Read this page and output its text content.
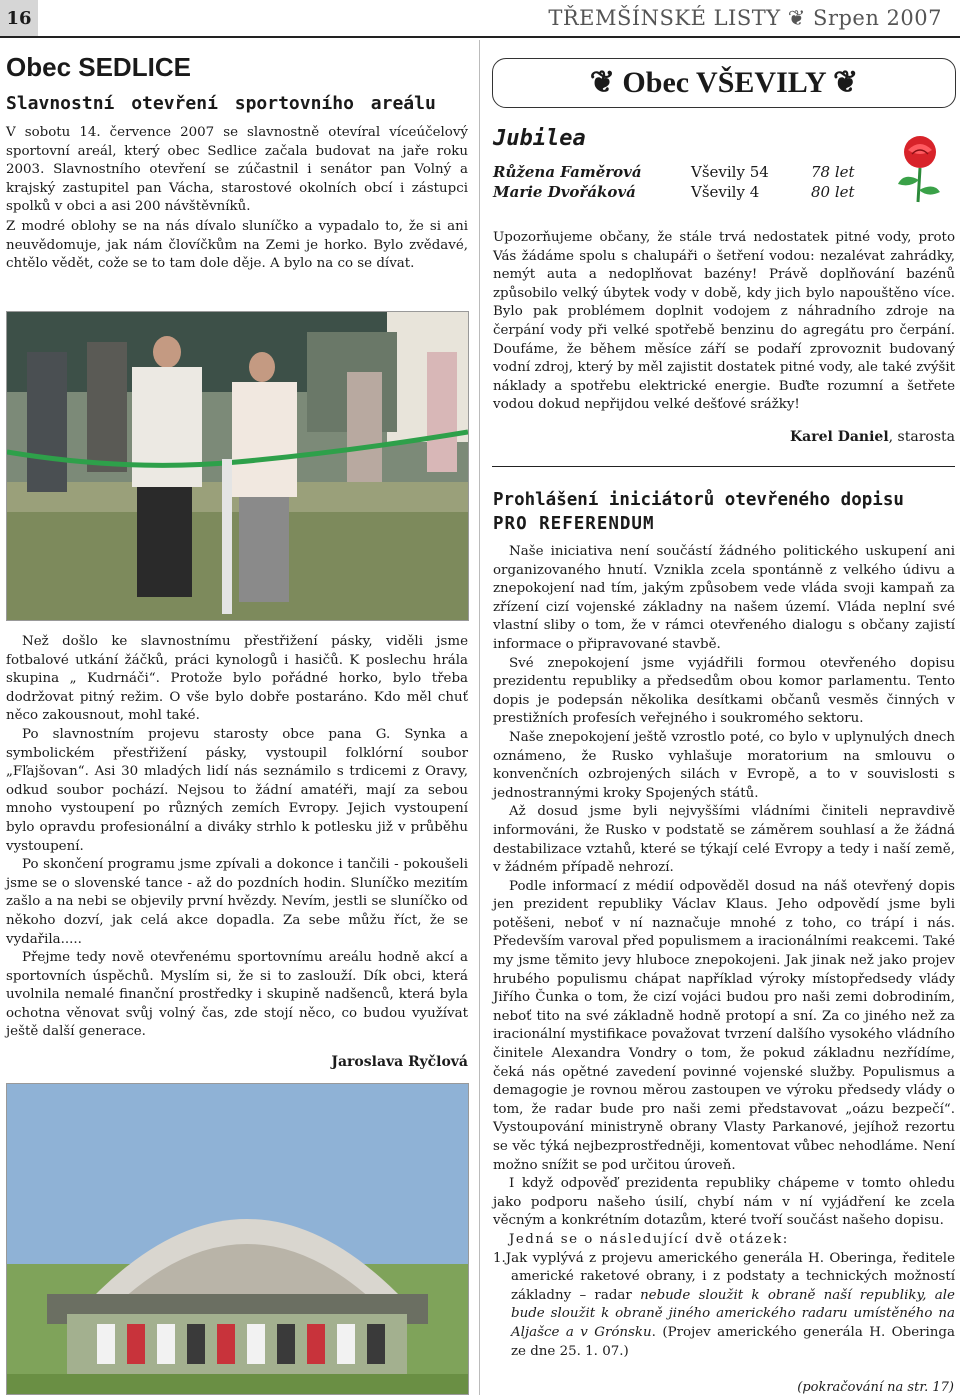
16	TŘEMŠÍNSKÉ LISTY ❦ Srpen 2007
Obec SEDLICE
Slavnostní otevření sportovního areálu

V sobotu 14. července 2007 se slavnostně otevíral víceúčelový sportovní areál, který obec Sedlice začala budovat na jaře roku 2003. Slavnostního otevření se zúčastnil i senátor pan Volný a krajský zastupitel pan Vácha, starostové okolních obcí i zástupci spolků v obci a asi 200 návštěvníků.

Z modré oblohy se na nás dívalo sluníčko a vypadalo to, že si ani neuvědomuje, jak nám človíčkům na Zemi je horko. Bylo zvědavé, chtělo vědět, cože se to tam dole děje. A bylo na co se dívat.

Než došlo ke slavnostnímu přestřižení pásky, viděli jsme fotbalové utkání žáčků, práci kynologů i hasičů. K poslechu hrála skupina „ Kudrnáči“. Protože bylo pořádné horko, bylo třeba dodržovat pitný režim. O vše bylo dobře postaráno. Kdo měl chuť něco zakousnout, mohl také.

Po slavnostním projevu starosty obce pana G. Synka a symbolickém přestřižení pásky, vystoupil folklórní soubor „Fľajšovan“. Asi 30 mladých lidí nás seznámilo s trdicemi z Oravy, odkud soubor pochází. Nejsou to žádní amatéři, mají za sebou mnoho vystoupení po různých zemích Evropy. Jejich vystoupení bylo opravdu profesionální a diváky strhlo k potlesku již v průběhu vystoupení.

Po skončení programu jsme zpívali a dokonce i tančili - pokoušeli jsme se o slovenské tance - až do pozdních hodin. Sluníčko mezitím zašlo a na nebi se objevily první hvězdy. Nevím, jestli se sluníčko od někoho dozví, jak celá akce dopadla. Za sebe můžu říct, že se vydařila.....

Přejme tedy nově otevřenému sportovnímu areálu hodně akcí a sportovních úspěchů. Myslím si, že si to zaslouží. Dík obci, která uvolnila nemalé finanční prostředky i skupině nadšenců, která byla ochotna věnovat svůj volný čas, zde stojí něco, co budou využívat ještě další generace.

Jaroslava Ryčlová
❦ Obec VŠEVILY ❦
Jubilea
Růžena Faměrová	Vševily 54	78 let
Marie Dvořáková	Vševily 4	80 let

Upozorňujeme občany, že stále trvá nedostatek pitné vody, proto Vás žádáme spolu s chalupáři o šetření vodou: nezalévat zahrádky, nemýt auta a nedoplňovat bazény! Právě doplňování bazénů způsobilo velký úbytek vody v době, kdy jich bylo napouštěno více. Bylo pak problémem doplnit vodojem z náhradního zdroje na čerpání vody při velké spotřebě benzinu do agregátu pro čerpání. Doufáme, že během měsíce září se podaří zprovoznit budovaný vodní zdroj, který by měl zajistit dostatek pitné vody, ale také zvýšit náklady a spotřebu elektrické energie. Buďte rozumní a šetřete vodou dokud nepřijdou velké dešťové srážky!

Karel Daniel, starosta
Prohlášení iniciátorů otevřeného dopisu
PRO REFERENDUM

Naše iniciativa není součástí žádného politického uskupení ani organizovaného hnutí. Vznikla zcela spontánně z velkého údivu a znepokojení nad tím, jakým způsobem vede vláda svoji kampaň za zřízení cizí vojenské základny na našem území. Vláda neplní své vlastní sliby o tom, že v rámci otevřeného dialogu s občany zajistí informace o připravované stavbě.

Své znepokojení jsme vyjádřili formou otevřeného dopisu prezidentu republiky a předsedům obou komor parlamentu. Tento dopis je podepsán několika desítkami občanů vesměs činných v prestižních profesích veřejného i soukromého sektoru.

Naše znepokojení ještě vzrostlo poté, co bylo v uplynulých dnech oznámeno, že Rusko vyhlašuje moratorium na smlouvu o konvenčních ozbrojených silách v Evropě, a to v souvislosti s jednostrannými kroky Spojených států.

Až dosud jsme byli nejvyššími vládními činiteli nepravdivě informováni, že Rusko v podstatě se záměrem souhlasí a že žádná destabilizace vztahů, které se týkají celé Evropy a tedy i naší země, v žádném případě nehrozí.

Podle informací z médií odpověděl dosud na náš otevřený dopis jen prezident republiky Václav Klaus. Jeho odpovědí jsme byli potěšeni, neboť v ní naznačuje mnohé z toho, co trápí i nás. Především varoval před populismem a iracionálními reakcemi. Také my jsme těmito jevy hluboce znepokojeni. Jak jinak než jako projev hrubého populismu chápat například výroky místopředsedy vlády Jiřího Čunka o tom, že cizí vojáci budou pro naši zemi dobrodiním, neboť tito na své základně hodně protopí a sní. Za co jiného než za iracionální mystifikace považovat tvrzení dalšího vysokého vládního činitele Alexandra Vondry o tom, že pokud základnu nezřídíme, čeká nás opětné zavedení povinné vojenské služby. Populismus a demagogie je rovnou měrou zastoupen ve výroku předsedy vlády o tom, že radar bude pro naši zemi představovat „oázu bezpečí“. Vystoupování ministryně obrany Vlasty Parkanové, jejíhož rezortu se věc týká nejbezprostředněji, komentovat vůbec nehodláme. Není možno snížit se pod určitou úroveň.

I když odpověď prezidenta republiky chápeme v tomto ohledu jako podporu našeho úsilí, chybí nám v ní vyjádření ke zcela věcným a konkrétním dotazům, které tvoří součást našeho dopisu.

Jedná se o následující dvě otázek:

1.Jak vyplývá z projevu amerického generála H. Oberinga, ředitele americké raketové obrany, i z podstaty a technických možností základny – radar nebude sloužit k obraně naší republiky, ale bude sloužit k obraně jiného amerického radaru umístěného na Aljašce a v Grónsku. (Projev amerického generála H. Oberinga ze dne 25. 1. 07.)

(pokračování na str. 17)
